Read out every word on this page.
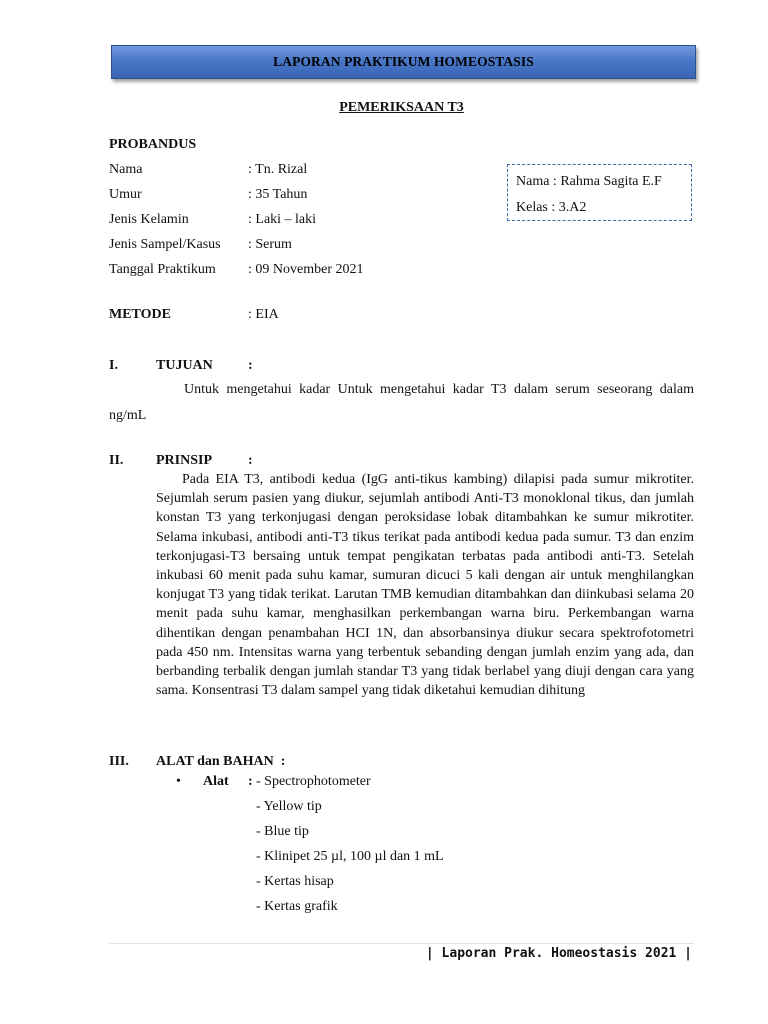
LAPORAN PRAKTIKUM HOMEOSTASIS
PEMERIKSAAN T3
PROBANDUS
Nama	: Tn. Rizal
Umur	: 35 Tahun
Jenis Kelamin	: Laki – laki
Jenis Sampel/Kasus : Serum
Tanggal Praktikum : 09 November 2021
Nama : Rahma Sagita E.F
Kelas : 3.A2
METODE	: EIA
I.	TUJUAN	:
Untuk mengetahui kadar Untuk mengetahui kadar T3 dalam serum seseorang dalam ng/mL
II. PRINSIP	:
Pada EIA T3, antibodi kedua (IgG anti-tikus kambing) dilapisi pada sumur mikrotiter. Sejumlah serum pasien yang diukur, sejumlah antibodi Anti-T3 monoklonal tikus, dan jumlah konstan T3 yang terkonjugasi dengan peroksidase lobak ditambahkan ke sumur mikrotiter. Selama inkubasi, antibodi anti-T3 tikus terikat pada antibodi kedua pada sumur. T3 dan enzim terkonjugasi-T3 bersaing untuk tempat pengikatan terbatas pada antibodi anti-T3. Setelah inkubasi 60 menit pada suhu kamar, sumuran dicuci 5 kali dengan air untuk menghilangkan konjugat T3 yang tidak terikat. Larutan TMB kemudian ditambahkan dan diinkubasi selama 20 menit pada suhu kamar, menghasilkan perkembangan warna biru. Perkembangan warna dihentikan dengan penambahan HCI 1N, dan absorbansinya diukur secara spektrofotometri pada 450 nm. Intensitas warna yang terbentuk sebanding dengan jumlah enzim yang ada, dan berbanding terbalik dengan jumlah standar T3 yang tidak berlabel yang diuji dengan cara yang sama. Konsentrasi T3 dalam sampel yang tidak diketahui kemudian dihitung
III. ALAT dan BAHAN  :
• Alat : - Spectrophotometer
- Yellow tip
- Blue tip
- Klinipet 25 µl, 100 µl dan 1 mL
- Kertas hisap
- Kertas grafik
| Laporan Prak. Homeostasis 2021 |
